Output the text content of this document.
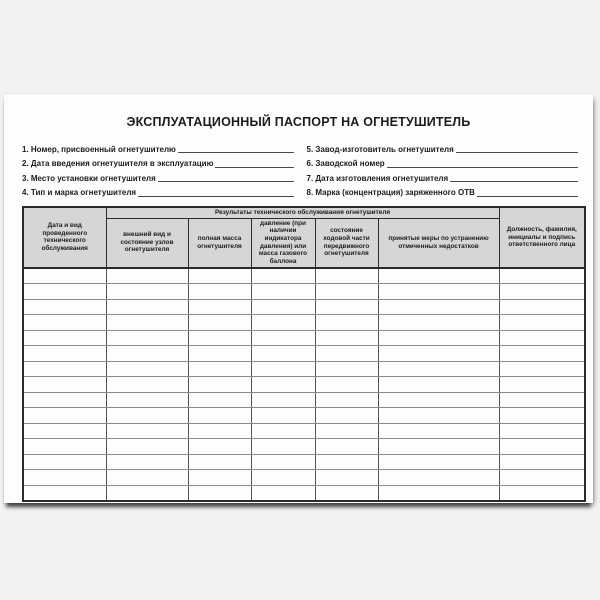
ЭКСПЛУАТАЦИОННЫЙ ПАСПОРТ НА ОГНЕТУШИТЕЛЬ
1. Номер, присвоенный огнетушителю
2. Дата введения огнетушителя в эксплуатацию
3. Место установки огнетушителя
4. Тип и марка огнетушителя
5. Завод-изготовитель огнетушителя
6. Заводской номер
7. Дата изготовления огнетушителя
8. Марка (концентрация) заряженного ОТВ
Дата и вид проведенного технического обслуживания	Результаты технического обслуживания огнетушителя					Должность, фамилия, инициалы и подпись ответственного лица
	внешний вид и состояние узлов огнетушителя	полная масса огнетушителя	давление (при наличии индикатора давления) или масса газового баллона	состояние ходовой части передвижного огнетушителя	принятые меры по устранению отмеченных недостатков	
